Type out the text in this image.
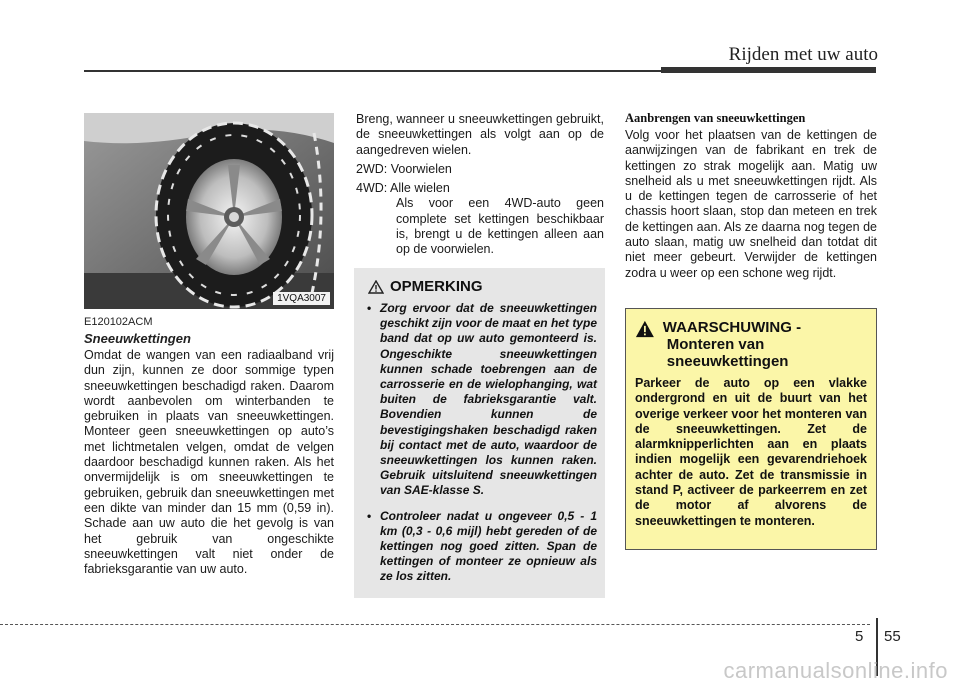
Rijden met uw auto
1VQA3007
E120102ACM
Sneeuwkettingen
Omdat de wangen van een radiaalband vrij dun zijn, kunnen ze door sommige typen sneeuwkettingen beschadigd raken. Daarom wordt aanbevolen om winterbanden te gebruiken in plaats van sneeuwkettingen. Monteer geen sneeuwkettingen op auto’s met lichtmetalen velgen, omdat de velgen daardoor beschadigd kunnen raken. Als het onvermijdelijk is om sneeuwkettingen te gebruiken, gebruik dan sneeuwkettingen met een dikte van minder dan 15 mm (0,59 in). Schade aan uw auto die het gevolg is van het gebruik van ongeschikte sneeuwkettingen valt niet onder de fabrieksgarantie van uw auto.

Breng, wanneer u sneeuwkettingen gebruikt, de sneeuwkettingen als volgt aan op de aangedreven wielen.

2WD: Voorwielen

4WD: Alle wielen

Als voor een 4WD-auto geen complete set kettingen beschikbaar is, brengt u de kettingen alleen aan op de voorwielen.

OPMERKING
• Zorg ervoor dat de sneeuwkettingen geschikt zijn voor de maat en het type band dat op uw auto gemonteerd is. Ongeschikte sneeuwkettingen kunnen schade toebrengen aan de carrosserie en de wielophanging, wat buiten de fabrieksgarantie valt. Bovendien kunnen de bevestigingshaken beschadigd raken bij contact met de auto, waardoor de sneeuwkettingen los kunnen raken. Gebruik uitsluitend sneeuwkettingen van SAE-klasse S.
• Controleer nadat u ongeveer 0,5 - 1 km (0,3 - 0,6 mijl) hebt gereden of de kettingen nog goed zitten. Span de kettingen of monteer ze opnieuw als ze los zitten.
Aanbrengen van sneeuwkettingen
Volg voor het plaatsen van de kettingen de aanwijzingen van de fabrikant en trek de kettingen zo strak mogelijk aan. Matig uw snelheid als u met sneeuwkettingen rijdt. Als u de kettingen tegen de carrosserie of het chassis hoort slaan, stop dan meteen en trek de kettingen aan. Als ze daarna nog tegen de auto slaan, matig uw snelheid dan totdat dit niet meer gebeurt. Verwijder de kettingen zodra u weer op een schone weg rijdt.
WAARSCHUWING -
Monteren van sneeuwkettingen
Parkeer de auto op een vlakke ondergrond en uit de buurt van het overige verkeer voor het monteren van de sneeuwkettingen. Zet de alarmknipperlichten aan en plaats indien mogelijk een gevarendriehoek achter de auto. Zet de transmissie in stand P, activeer de parkeerrem en zet de motor af alvorens de sneeuwkettingen te monteren.
5 55
carmanualsonline.info
